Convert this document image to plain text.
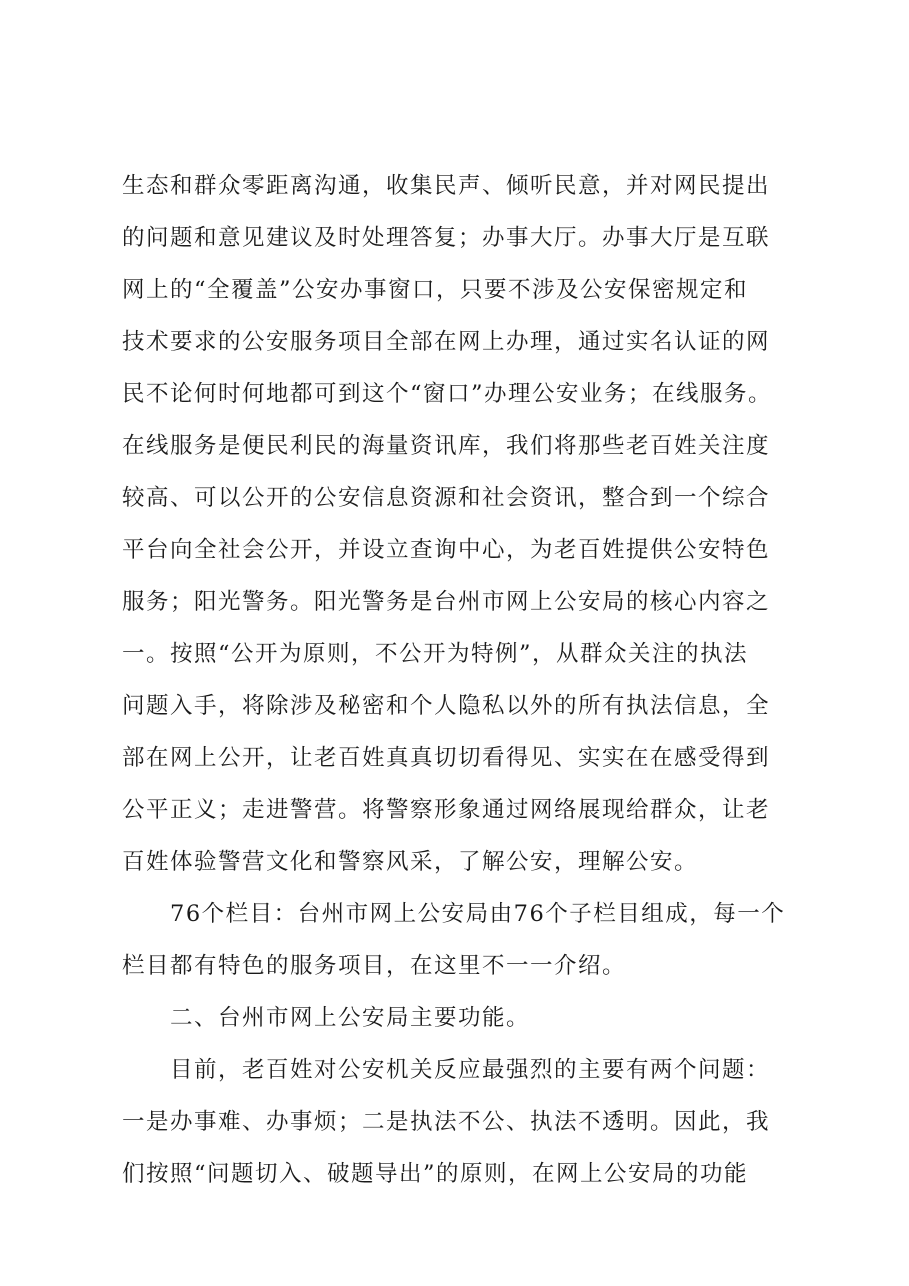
生态和群众零距离沟通，收集民声、倾听民意，并对网民提出
的问题和意见建议及时处理答复；办事大厅。办事大厅是互联
网上的“全覆盖”公安办事窗口，只要不涉及公安保密规定和
技术要求的公安服务项目全部在网上办理，通过实名认证的网
民不论何时何地都可到这个“窗口”办理公安业务；在线服务。
在线服务是便民利民的海量资讯库，我们将那些老百姓关注度
较高、可以公开的公安信息资源和社会资讯，整合到一个综合
平台向全社会公开，并设立查询中心，为老百姓提供公安特色
服务；阳光警务。阳光警务是台州市网上公安局的核心内容之
一。按照“公开为原则，不公开为特例”，从群众关注的执法
问题入手，将除涉及秘密和个人隐私以外的所有执法信息，全
部在网上公开，让老百姓真真切切看得见、实实在在感受得到
公平正义；走进警营。将警察形象通过网络展现给群众，让老
百姓体验警营文化和警察风采，了解公安，理解公安。
76个栏目：台州市网上公安局由76个子栏目组成，每一个
栏目都有特色的服务项目，在这里不一一介绍。
二、台州市网上公安局主要功能。
目前，老百姓对公安机关反应最强烈的主要有两个问题：
一是办事难、办事烦；二是执法不公、执法不透明。因此，我
们按照“问题切入、破题导出”的原则，在网上公安局的功能
